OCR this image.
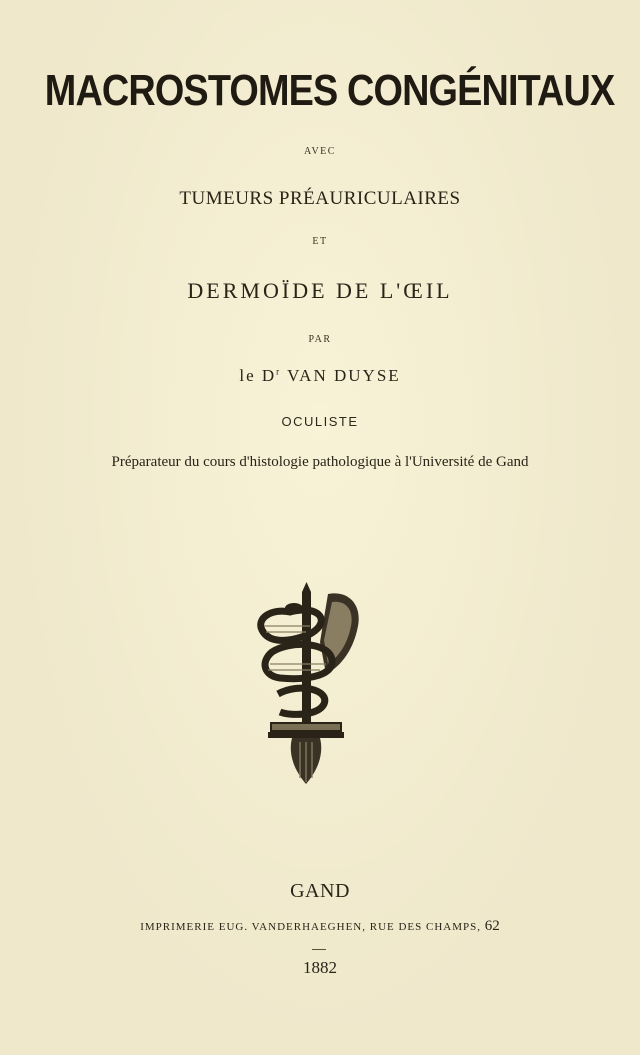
MACROSTOMES CONGÉNITAUX
AVEC
TUMEURS PRÉAURICULAIRES
ET
DERMOÏDE DE L'ŒIL
PAR
le $D^r$ VAN DUYSE
OCULISTE
Préparateur du cours d'histologie pathologique à l'Université de Gand
GAND
IMPRIMERIE EUG. VANDERHAEGHEN, RUE DES CHAMPS, 62
1882
